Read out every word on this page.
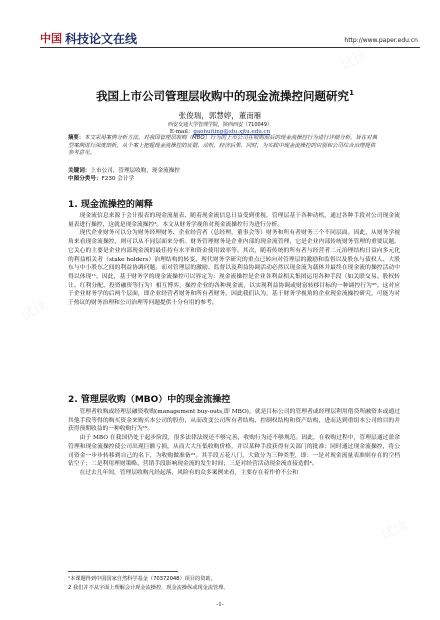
中国 科技论文在线	http://www.paper.edu.cn
我国上市公司管理层收购中的现金流操控问题研究$^1$
张俊瑞，郭慧婷，董南雁
西安交通大学管理学院，陕西西安（710049）
E-mail：gaohuiting@stu.xjtu.edu.cn
摘要：本文采用案例分析方法，对我国管理层收购（MBO）行为的上市公司在收购前后的现金流操控行为进行详细分析，旨在对典型案例进行深度剖析，从个案上把握现金流操控的证据、动机、经济后果、同时，为实践中现金流操控的识别和公司综合治理提供参考意见。
关键词：上市公司，管理层收购，现金流操控
中图分类号：F230 会计学
1. 现金流操控的阐释

现金流信息来源于会计报表的现金流量表、随着现金流信息日益受到重视，管理层基于各种动机，通过各种手段对公司现金流量表进行操控，这就是现金流操控²。本文从财务学视角对现金流操控行为进行分析。

现代企业财务可以分为财务经理财务、企业经营者（总经理、董事会等）财务和所有者财务三个不同层面。因此，从财务学视角来看现金流操控，则可以从不同层面来分析。财务管理财务是企业内部的现金流管理，它是企业内部传统财务管理的重要议题。它关心的主要是企业内部现金流的最佳持有水平和资金使用效率等。其次，随着传统的所有者与经营者二元治理结构日益向多元化的利益相关者（stake holders）治理结构的转变，现代财务学研究的重点已转向对管理层的激励和监督以及股东与债权人、大股东与中小股东之间的利益协调问题。而对管理层的激励、监督以及利益协调活动必然以现金流为载体并最终在现金流的操控活动中得以体现¹¹。因此，基于财务学的现金流操控可以界定为：现金流操控是企业各利益相关集团运用各种手段（如关联交易、股权转让、红利分配、投资融资等行为）相互博弈，操控企业的各种现金流，以实现利益协调或财富转移目标的一种调控行为²⁸。这对应于企业财务学的后两个层面，即企业经营者财务和所有者财务。因此我们认为，基于财务学视角的企业现金流操控研究，可能为对于热议的财务治理和公司治理等问题提供十分有用的参考。

2. 管理层收购（MBO）中的现金流操控

管理者收购或经理层融资收购(management buy-outs,即 MBO)，就是目标公司的管理者或经理层利用借贷所融资本或通过其他手段等得的购买资金来购买本公司的股份，从而改变公司所有者结构、控制权结构和资产结构，进而达到重组本公司的目的并获得预期收益的一种收购行为¹⁹。

由于 MBO 在我国仍处于起步阶段，很多法律法规还不够完善，收购行为还不够规范。因此，在收购过程中，管理层通过盈余管理和现金流操控使公司出现巨额亏损，从而大大压低收购价格，并以某种手段获得有关部门的批准；同时通过现金流操控，将公司资金一步步转移到自己的名下，为收购做准备²³。其手段五花八门，大致分为三种类型，即：一是对现金流量表准则存在的空档钻空子；二是利用理财策略、营销手段影响现金流的发生时间；三是对经营活动现金流直接造假⁴。

在过去几年间，管理层收购凡经起落，风险有的众多案例来看，主要存在着作价不公和

¹本课题得到中国国家自然科学基金（70372048）项目的资助。
2 我们并不从字面上理解会计现金流操控，现金流操纵或现金流管理。
-1-
试读
试读
试读
